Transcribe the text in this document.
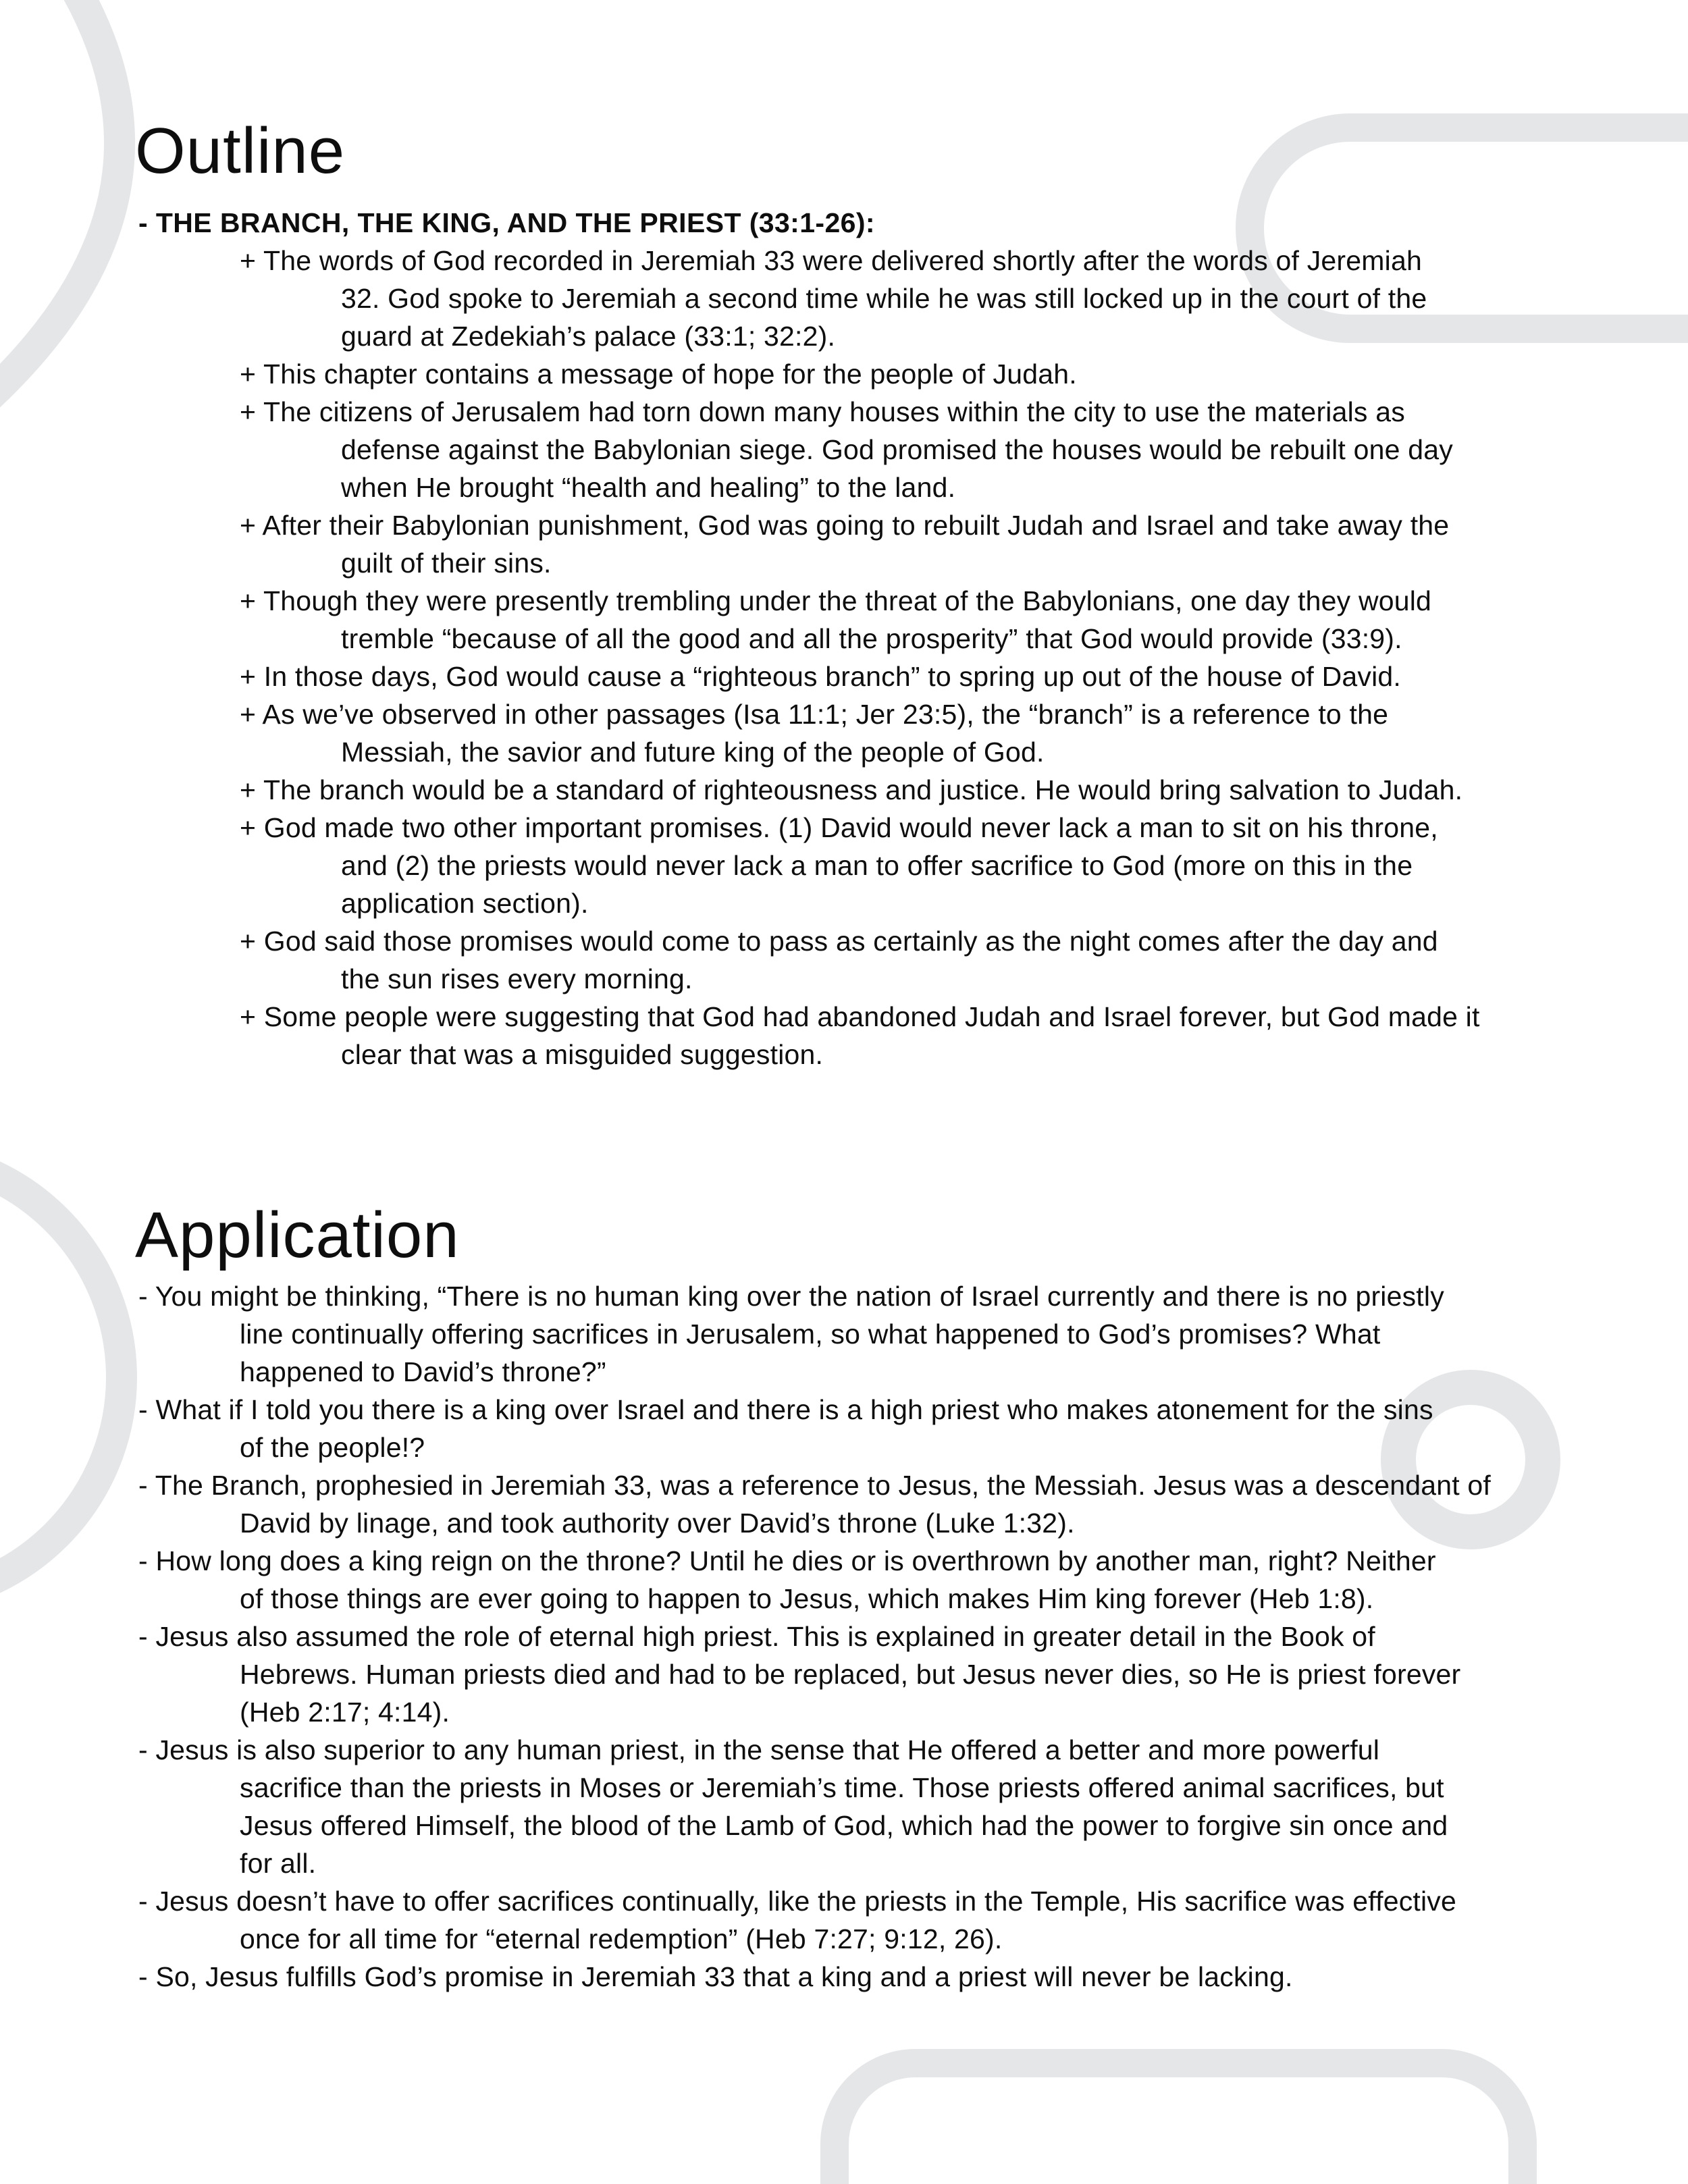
Outline
- THE BRANCH, THE KING, AND THE PRIEST (33:1-26):
+ The words of God recorded in Jeremiah 33 were delivered shortly after the words of Jeremiah
32. God spoke to Jeremiah a second time while he was still locked up in the court of the
guard at Zedekiah’s palace (33:1; 32:2).
+ This chapter contains a message of hope for the people of Judah.
+ The citizens of Jerusalem had torn down many houses within the city to use the materials as
defense against the Babylonian siege. God promised the houses would be rebuilt one day
when He brought “health and healing” to the land.
+ After their Babylonian punishment, God was going to rebuilt Judah and Israel and take away the
guilt of their sins.
+ Though they were presently trembling under the threat of the Babylonians, one day they would
tremble “because of all the good and all the prosperity” that God would provide (33:9).
+ In those days, God would cause a “righteous branch” to spring up out of the house of David.
+ As we’ve observed in other passages (Isa 11:1; Jer 23:5), the “branch” is a reference to the
Messiah, the savior and future king of the people of God.
+ The branch would be a standard of righteousness and justice. He would bring salvation to Judah.
+ God made two other important promises. (1) David would never lack a man to sit on his throne,
and (2) the priests would never lack a man to offer sacrifice to God (more on this in the
application section).
+ God said those promises would come to pass as certainly as the night comes after the day and
the sun rises every morning.
+ Some people were suggesting that God had abandoned Judah and Israel forever, but God made it
clear that was a misguided suggestion.
Application
- You might be thinking, “There is no human king over the nation of Israel currently and there is no priestly
line continually offering sacrifices in Jerusalem, so what happened to God’s promises? What
happened to David’s throne?”
- What if I told you there is a king over Israel and there is a high priest who makes atonement for the sins
of the people!?
- The Branch, prophesied in Jeremiah 33, was a reference to Jesus, the Messiah. Jesus was a descendant of
David by linage, and took authority over David’s throne (Luke 1:32).
- How long does a king reign on the throne? Until he dies or is overthrown by another man, right? Neither
of those things are ever going to happen to Jesus, which makes Him king forever (Heb 1:8).
- Jesus also assumed the role of eternal high priest. This is explained in greater detail in the Book of
Hebrews. Human priests died and had to be replaced, but Jesus never dies, so He is priest forever
(Heb 2:17; 4:14).
- Jesus is also superior to any human priest, in the sense that He offered a better and more powerful
sacrifice than the priests in Moses or Jeremiah’s time. Those priests offered animal sacrifices, but
Jesus offered Himself, the blood of the Lamb of God, which had the power to forgive sin once and
for all.
- Jesus doesn’t have to offer sacrifices continually, like the priests in the Temple, His sacrifice was effective
once for all time for “eternal redemption” (Heb 7:27; 9:12, 26).
- So, Jesus fulfills God’s promise in Jeremiah 33 that a king and a priest will never be lacking.
